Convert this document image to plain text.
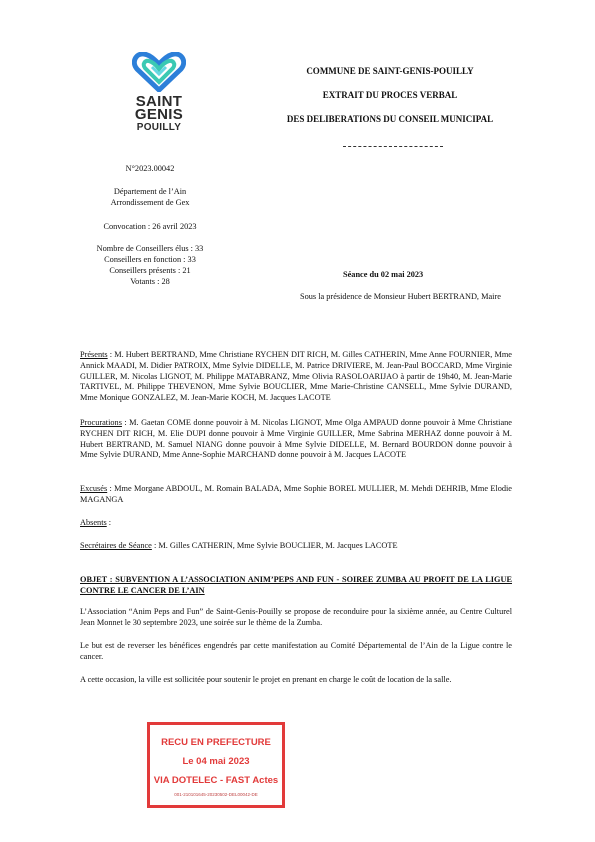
SAINT
GENIS
POUILLY
COMMUNE DE SAINT-GENIS-POUILLY
EXTRAIT DU PROCES VERBAL
DES DELIBERATIONS DU CONSEIL MUNICIPAL
N°2023.00042
Département de l’Ain
Arrondissement de Gex
Convocation : 26 avril 2023
Nombre de Conseillers élus : 33
Conseillers en fonction : 33
Conseillers présents : 21
Votants : 28
Séance du 02 mai 2023
Sous la présidence de Monsieur Hubert BERTRAND, Maire

Présents : M. Hubert BERTRAND, Mme Christiane RYCHEN DIT RICH, M. Gilles CATHERIN, Mme Anne FOURNIER, Mme Annick MAADI, M. Didier PATROIX, Mme Sylvie DIDELLE, M. Patrice DRIVIERE, M. Jean-Paul BOCCARD, Mme Virginie GUILLER, M. Nicolas LIGNOT, M. Philippe MATABRANZ, Mme Olivia RASOLOARIJAO à partir de 19h40, M. Jean-Marie TARTIVEL, M. Philippe THEVENON, Mme Sylvie BOUCLIER, Mme Marie-Christine CANSELL, Mme Sylvie DURAND, Mme Monique GONZALEZ, M. Jean-Marie KOCH, M. Jacques LACOTE

Procurations : M. Gaetan COME donne pouvoir à M. Nicolas LIGNOT, Mme Olga AMPAUD donne pouvoir à Mme Christiane RYCHEN DIT RICH, M. Elie DUPI donne pouvoir à Mme Virginie GUILLER, Mme Sabrina MERHAZ donne pouvoir à M. Hubert BERTRAND, M. Samuel NIANG donne pouvoir à Mme Sylvie DIDELLE, M. Bernard BOURDON donne pouvoir à Mme Sylvie DURAND, Mme Anne-Sophie MARCHAND donne pouvoir à M. Jacques LACOTE

Excusés : Mme Morgane ABDOUL, M. Romain BALADA, Mme Sophie BOREL MULLIER, M. Mehdi DEHRIB, Mme Elodie MAGANGA

Absents :

Secrétaires de Séance : M. Gilles CATHERIN, Mme Sylvie BOUCLIER, M. Jacques LACOTE

OBJET : SUBVENTION A L’ASSOCIATION ANIM’PEPS AND FUN - SOIREE ZUMBA AU PROFIT DE LA LIGUE CONTRE LE CANCER DE L’AIN

L’Association “Anim Peps and Fun” de Saint-Genis-Pouilly se propose de reconduire pour la sixième année, au Centre Culturel Jean Monnet le 30 septembre 2023, une soirée sur le thème de la Zumba.

Le but est de reverser les bénéfices engendrés par cette manifestation au Comité Départemental de l’Ain de la Ligue contre le cancer.

A cette occasion, la ville est sollicitée pour soutenir le projet en prenant en charge le coût de location de la salle.

RECU EN PREFECTURE
Le 04 mai 2023
VIA DOTELEC - FAST Actes
001-210101645-20230502-DEL00042-DE
